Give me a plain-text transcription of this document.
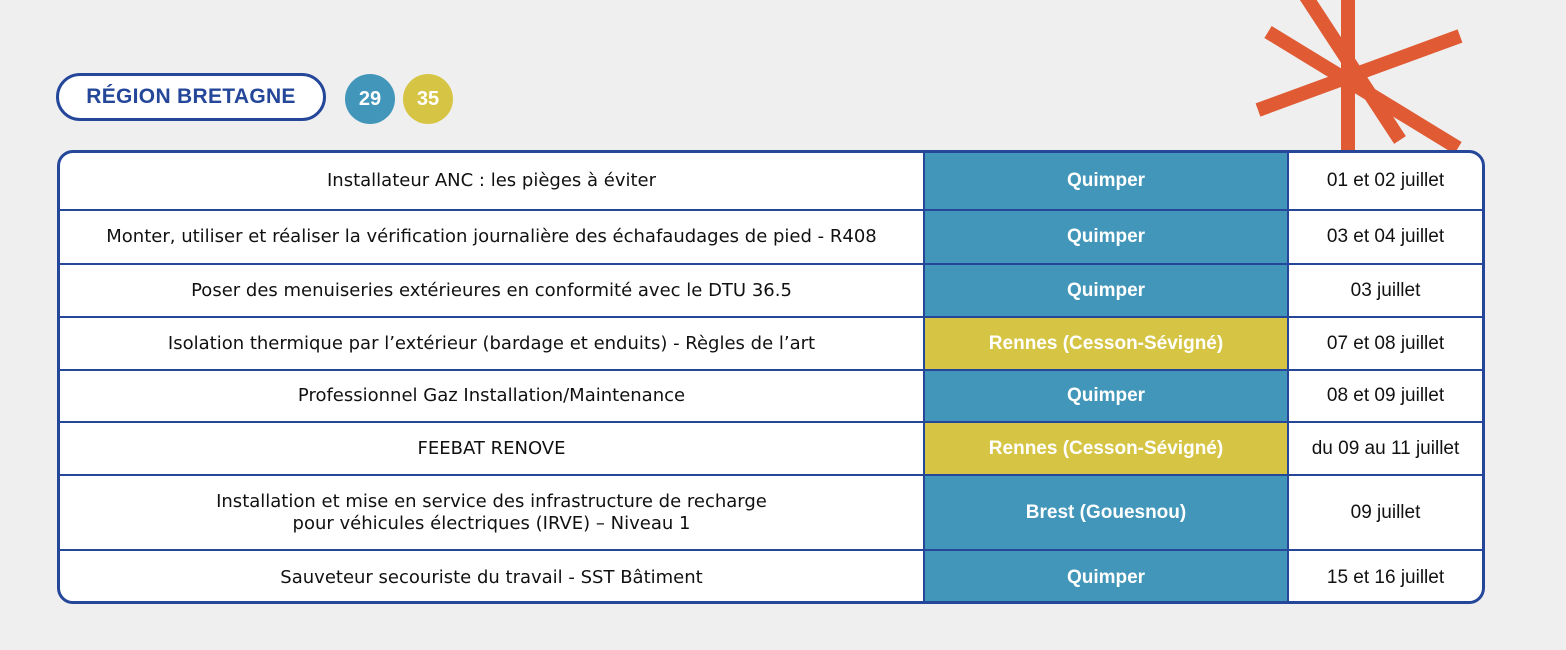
RÉGION BRETAGNE	29 35
Installateur ANC : les pièges à éviter	Quimper	01 et 02 juillet
Monter, utiliser et réaliser la vérification journalière des échafaudages de pied - R408	Quimper	03 et 04 juillet
Poser des menuiseries extérieures en conformité avec le DTU 36.5	Quimper	03 juillet
Isolation thermique par l’extérieur (bardage et enduits) - Règles de l’art	Rennes (Cesson-Sévigné)	07 et 08 juillet
Professionnel Gaz Installation/Maintenance	Quimper	08 et 09 juillet
FEEBAT RENOVE	Rennes (Cesson-Sévigné)	du 09 au 11 juillet
Installation et mise en service des infrastructure de recharge pour véhicules électriques (IRVE) – Niveau 1	Brest (Gouesnou)	09 juillet
Sauveteur secouriste du travail - SST Bâtiment	Quimper	15 et 16 juillet
